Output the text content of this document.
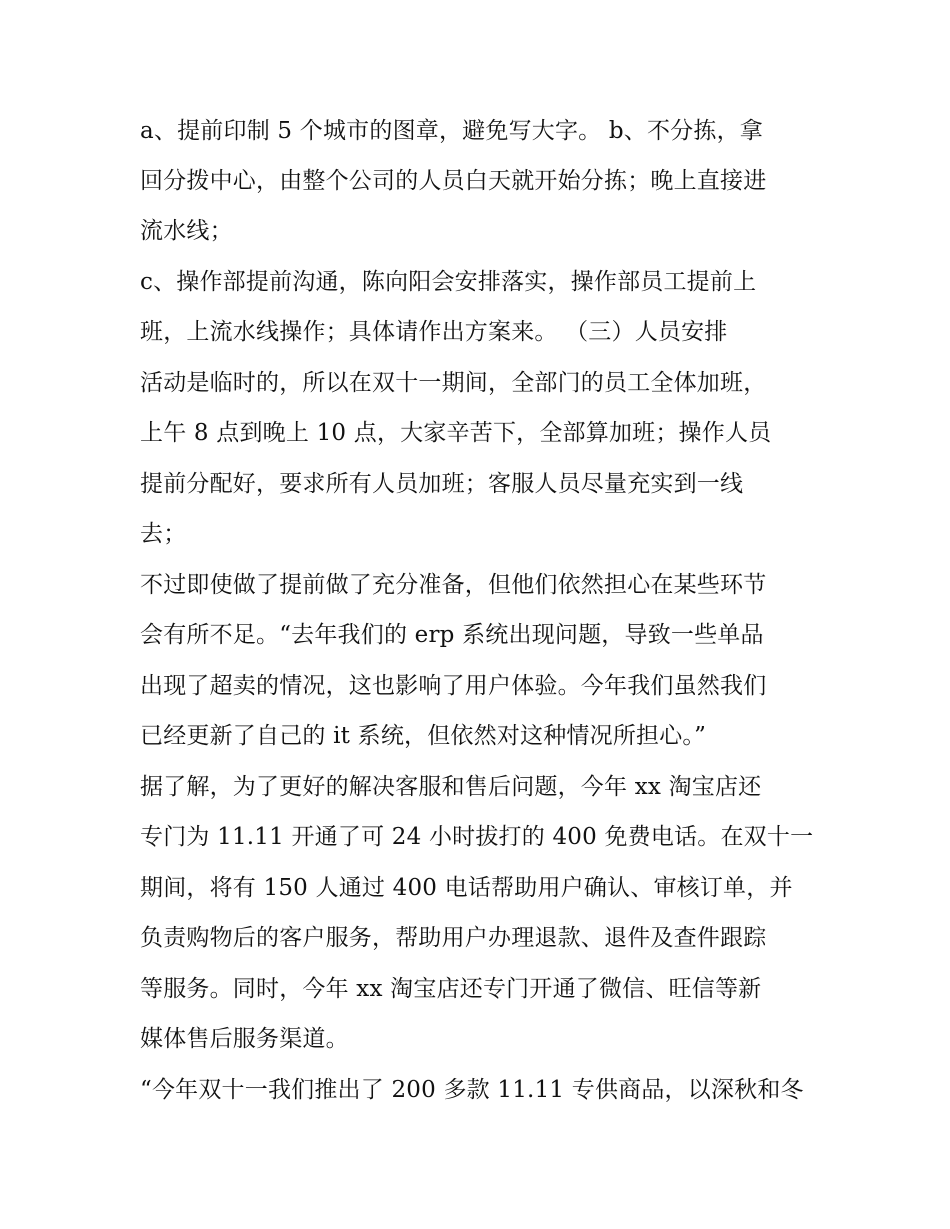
a、提前印制 5 个城市的图章，避免写大字。 b、不分拣，拿

回分拨中心，由整个公司的人员白天就开始分拣；晚上直接进

流水线；

c、操作部提前沟通，陈向阳会安排落实，操作部员工提前上

班，上流水线操作；具体请作出方案来。 （三）人员安排

活动是临时的，所以在双十一期间，全部门的员工全体加班，

上午 8 点到晚上 10 点，大家辛苦下，全部算加班；操作人员

提前分配好，要求所有人员加班；客服人员尽量充实到一线

去；

不过即使做了提前做了充分准备，但他们依然担心在某些环节

会有所不足。“去年我们的 erp 系统出现问题，导致一些单品

出现了超卖的情况，这也影响了用户体验。今年我们虽然我们

已经更新了自己的 it 系统，但依然对这种情况所担心。”

据了解，为了更好的解决客服和售后问题，今年 xx 淘宝店还

专门为 11.11 开通了可 24 小时拔打的 400 免费电话。在双十一

期间，将有 150 人通过 400 电话帮助用户确认、审核订单，并

负责购物后的客户服务，帮助用户办理退款、退件及查件跟踪

等服务。同时，今年 xx 淘宝店还专门开通了微信、旺信等新

媒体售后服务渠道。

“今年双十一我们推出了 200 多款 11.11 专供商品，以深秋和冬
